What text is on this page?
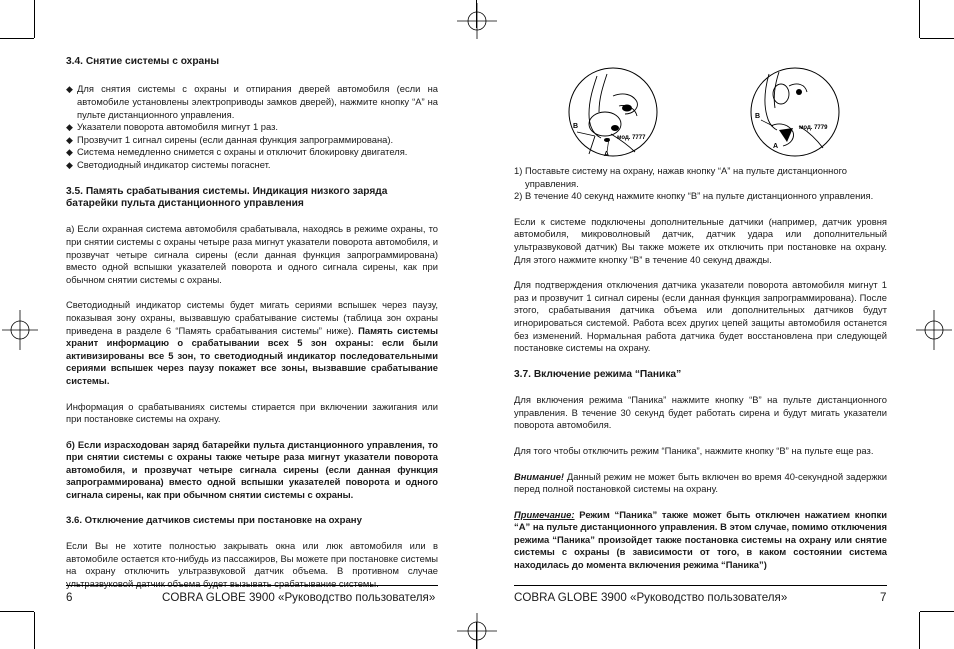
3.4. Снятие системы с охраны
◆ Для снятия системы с охраны и отпирания дверей автомобиля (если на автомобиле установлены электроприводы замков дверей), нажмите кнопку “А” на пульте дистанционного управления.
◆ Указатели поворота автомобиля мигнут 1 раз.
◆ Прозвучит 1 сигнал сирены (если данная функция запрограммирована).
◆ Система немедленно снимется с охраны и отключит блокировку двигателя.
◆ Светодиодный индикатор системы погаснет.
3.5. Память срабатывания системы. Индикация низкого заряда батарейки пульта дистанционного управления

а) Если охранная система автомобиля срабатывала, находясь в режиме охраны, то при снятии системы с охраны четыре раза мигнут указатели поворота автомобиля, и прозвучат четыре сигнала сирены (если данная функция запрограммирована) вместо одной вспышки указателей поворота и одного сигнала сирены, как при обычном снятии системы с охраны.

Светодиодный индикатор системы будет мигать сериями вспышек через паузу, показывая зону охраны, вызвавшую срабатывание системы (таблица зон охраны приведена в разделе 6 “Память срабатывания системы” ниже). Память системы хранит информацию о срабатывании всех 5 зон охраны: если были активизированы все 5 зон, то светодиодный индикатор последовательными сериями вспышек через паузу покажет все зоны, вызвавшие срабатывание системы.

Информация о срабатываниях системы стирается при включении зажигания или при постановке системы на охрану.

б) Если израсходован заряд батарейки пульта дистанционного управления, то при снятии системы с охраны также четыре раза мигнут указатели поворота автомобиля, и прозвучат четыре сигнала сирены (если данная функция запрограммирована) вместо одной вспышки указателей поворота и одного сигнала сирены, как при обычном снятии системы с охраны.

3.6. Отключение датчиков системы при постановке на охрану

Если Вы не хотите полностью закрывать окна или люк автомобиля или в автомобиле остается кто-нибудь из пассажиров, Вы можете при постановке системы на охрану отключить ультразвуковой датчик объема. В противном случае ультразвуковой датчик объема будет вызывать срабатывание системы.

6	COBRA GLOBE 3900 «Руководство пользователя»
B
A
мод. 7777
B
A
мод. 7779
1) Поставьте систему на охрану, нажав кнопку “А” на пульте дистанционного управления.
2) В течение 40 секунд нажмите кнопку “В” на пульте дистанционного управления.

Если к системе подключены дополнительные датчики (например, датчик уровня автомобиля, микроволновый датчик, датчик удара или дополнительный ультразвуковой датчик) Вы также можете их отключить при постановке на охрану. Для этого нажмите кнопку “В” в течение 40 секунд дважды.

Для подтверждения отключения датчика указатели поворота автомобиля мигнут 1 раз и прозвучит 1 сигнал сирены (если данная функция запрограммирована). После этого, срабатывания датчика объема или дополнительных датчиков будут игнорироваться системой. Работа всех других цепей защиты автомобиля останется без изменений. Нормальная работа датчика будет восстановлена при следующей постановке системы на охрану.

3.7. Включение режима “Паника”

Для включения режима “Паника” нажмите кнопку “В” на пульте дистанционного управления. В течение 30 секунд будет работать сирена и будут мигать указатели поворота автомобиля.

Для того чтобы отключить режим “Паника”, нажмите кнопку “В” на пульте еще раз.

Внимание! Данный режим не может быть включен во время 40-секундной задержки перед полной постановкой системы на охрану.

Примечание: Режим “Паника” также может быть отключен нажатием кнопки “А” на пульте дистанционного управления. В этом случае, помимо отключения режима “Паника” произойдет также постановка системы на охрану или снятие системы с охраны (в зависимости от того, в каком состоянии система находилась до момента включения режима “Паника”)

COBRA GLOBE 3900 «Руководство пользователя»	7
